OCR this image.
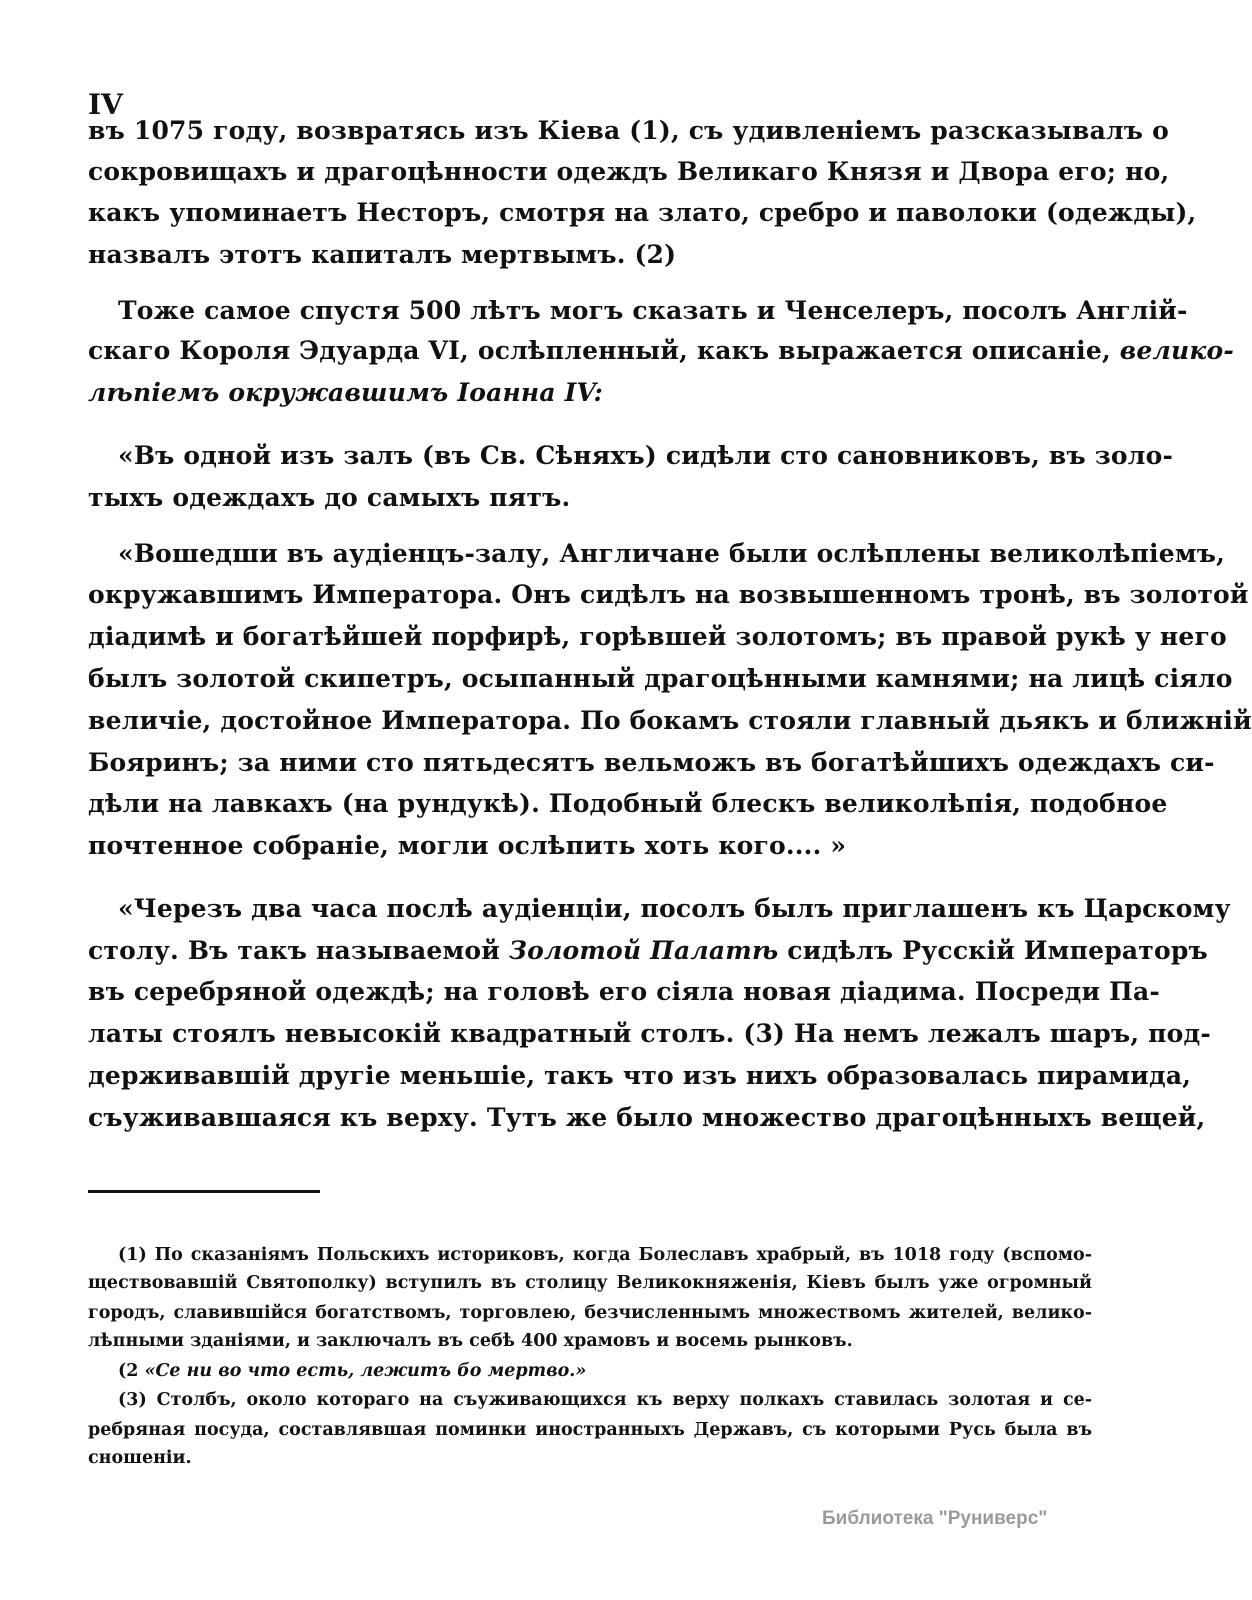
IV
въ 1075 году, возвратясь изъ Кіева (1), съ удивленіемъ разсказывалъ о
сокровищахъ и драгоцѣнности одеждъ Великаго Князя и Двора его; но,
какъ упоминаетъ Несторъ, смотря на злато, сребро и паволоки (одежды),
назвалъ этотъ капиталъ мертвымъ. (2)
Тоже самое спустя 500 лѣтъ могъ сказать и Ченселеръ, посолъ Англій-
скаго Короля Эдуарда VI, ослѣпленный, какъ выражается описаніе, велико-
лѣпіемъ окружавшимъ Іоанна IV:
«Въ одной изъ залъ (въ Св. Сѣняхъ) сидѣли сто сановниковъ, въ золо-
тыхъ одеждахъ до самыхъ пятъ.
«Вошедши въ аудіенцъ-залу, Англичане были ослѣплены великолѣпіемъ,
окружавшимъ Императора. Онъ сидѣлъ на возвышенномъ тронѣ, въ золотой
діадимѣ и богатѣйшей порфирѣ, горѣвшей золотомъ; въ правой рукѣ у него
былъ золотой скипетръ, осыпанный драгоцѣнными камнями; на лицѣ сіяло
величіе, достойное Императора. По бокамъ стояли главный дьякъ и ближній
Бояринъ; за ними сто пятьдесятъ вельможъ въ богатѣйшихъ одеждахъ си-
дѣли на лавкахъ (на рундукѣ). Подобный блескъ великолѣпія, подобное
почтенное собраніе, могли ослѣпить хоть кого.... »
«Черезъ два часа послѣ аудіенціи, посолъ былъ приглашенъ къ Царскому
столу. Въ такъ называемой Золотой Палатѣ сидѣлъ Русскій Императоръ
въ серебряной одеждѣ; на головѣ его сіяла новая діадима. Посреди Па-
латы стоялъ невысокій квадратный столъ. (3) На немъ лежалъ шаръ, под-
держивавшій другіе меньшіе, такъ что изъ нихъ образовалась пирамида,
съуживавшаяся къ верху. Тутъ же было множество драгоцѣнныхъ вещей,
(1) По сказаніямъ Польскихъ историковъ, когда Болеславъ храбрый, въ 1018 году (вспомо-
ществовавшій Святополку) вступилъ въ столицу Великокняженія, Кіевъ былъ уже огромный
городъ, славившійся богатствомъ, торговлею, безчисленнымъ множествомъ жителей, велико-
лѣпными зданіями, и заключалъ въ себѣ 400 храмовъ и восемь рынковъ.
(2 «Се ни во что есть, лежитъ бо мертво.»
(3) Столбъ, около котораго на съуживающихся къ верху полкахъ ставилась золотая и се-
ребряная посуда, составлявшая поминки иностранныхъ Державъ, съ которыми Русь была въ
сношеніи.
Библиотека "Руниверс"
